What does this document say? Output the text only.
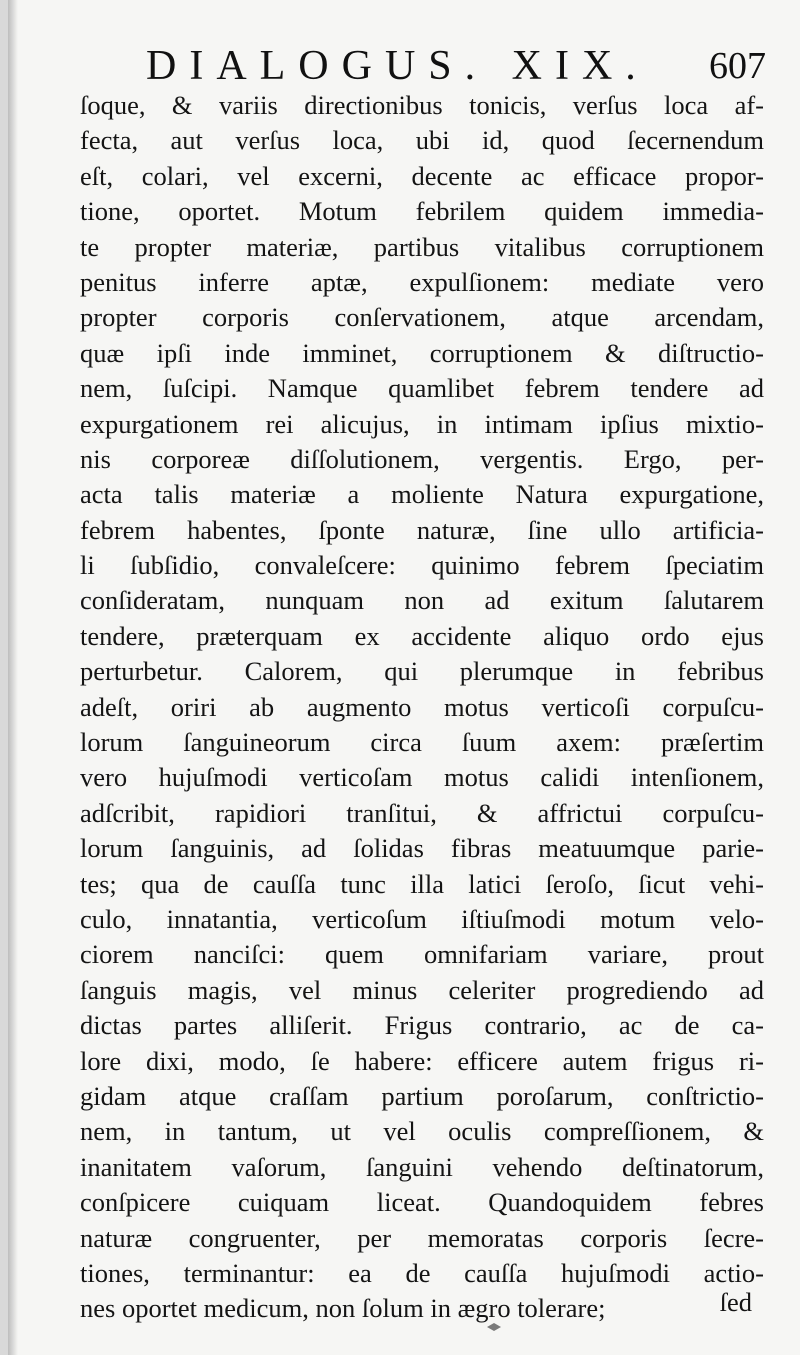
DIALOGUS. XIX. 607
ſoque, & variis directionibus tonicis, verſus loca af-
fecta, aut verſus loca, ubi id, quod ſecernendum
eſt, colari, vel excerni, decente ac efficace propor-
tione, oportet. Motum febrilem quidem immedia-
te propter materiæ, partibus vitalibus corruptionem
penitus inferre aptæ, expulſionem: mediate vero
propter corporis conſervationem, atque arcendam,
quæ ipſi inde imminet, corruptionem & diſtructio-
nem, ſuſcipi. Namque quamlibet febrem tendere ad
expurgationem rei alicujus, in intimam ipſius mixtio-
nis corporeæ diſſolutionem, vergentis. Ergo, per-
acta talis materiæ a moliente Natura expurgatione,
febrem habentes, ſponte naturæ, ſine ullo artificia-
li ſubſidio, convaleſcere: quinimo febrem ſpeciatim
conſideratam, nunquam non ad exitum ſalutarem
tendere, præterquam ex accidente aliquo ordo ejus
perturbetur. Calorem, qui plerumque in febribus
adeſt, oriri ab augmento motus verticoſi corpuſcu-
lorum ſanguineorum circa ſuum axem: præſertim
vero hujuſmodi verticoſam motus calidi intenſionem,
adſcribit, rapidiori tranſitui, & affrictui corpuſcu-
lorum ſanguinis, ad ſolidas fibras meatuumque parie-
tes; qua de cauſſa tunc illa latici ſeroſo, ſicut vehi-
culo, innatantia, verticoſum iſtiuſmodi motum velo-
ciorem nanciſci: quem omnifariam variare, prout
ſanguis magis, vel minus celeriter progrediendo ad
dictas partes alliſerit. Frigus contrario, ac de ca-
lore dixi, modo, ſe habere: efficere autem frigus ri-
gidam atque craſſam partium poroſarum, conſtrictio-
nem, in tantum, ut vel oculis compreſſionem, &
inanitatem vaſorum, ſanguini vehendo deſtinatorum,
conſpicere cuiquam liceat. Quandoquidem febres
naturæ congruenter, per memoratas corporis ſecre-
tiones, terminantur: ea de cauſſa hujuſmodi actio-
nes oportet medicum, non ſolum in ægro tolerare;	ſed
